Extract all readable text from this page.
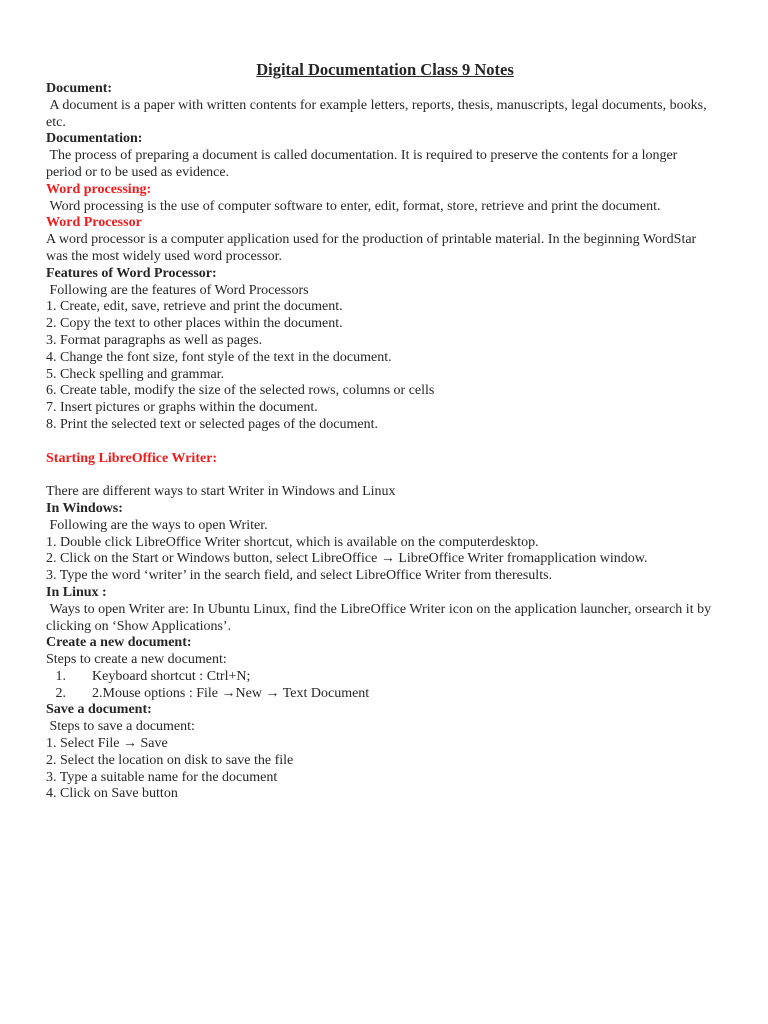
Digital Documentation Class 9 Notes
Document:
A document is a paper with written contents for example letters, reports, thesis, manuscripts, legal documents, books, etc.
Documentation:
The process of preparing a document is called documentation. It is required to preserve the contents for a longer period or to be used as evidence.
Word processing:
Word processing is the use of computer software to enter, edit, format, store, retrieve and print the document.
Word Processor
A word processor is a computer application used for the production of printable material. In the beginning WordStar was the most widely used word processor.
Features of Word Processor:
Following are the features of Word Processors
1. Create, edit, save, retrieve and print the document.
2. Copy the text to other places within the document.
3. Format paragraphs as well as pages.
4. Change the font size, font style of the text in the document.
5. Check spelling and grammar.
6. Create table, modify the size of the selected rows, columns or cells
7. Insert pictures or graphs within the document.
8. Print the selected text or selected pages of the document.
Starting LibreOffice Writer:
There are different ways to start Writer in Windows and Linux
In Windows:
Following are the ways to open Writer.
1. Double click LibreOffice Writer shortcut, which is available on the computerdesktop.
2. Click on the Start or Windows button, select LibreOffice → LibreOffice Writer fromapplication window.
3. Type the word ‘writer’ in the search field, and select LibreOffice Writer from theresults.
In Linux :
Ways to open Writer are: In Ubuntu Linux, find the LibreOffice Writer icon on the application launcher, orsearch it by clicking on ‘Show Applications’.
Create a new document:
Steps to create a new document:
1. Keyboard shortcut : Ctrl+N;
2. 2.Mouse options : File →New → Text Document
Save a document:
Steps to save a document:
1. Select File → Save
2. Select the location on disk to save the file
3. Type a suitable name for the document
4. Click on Save button
